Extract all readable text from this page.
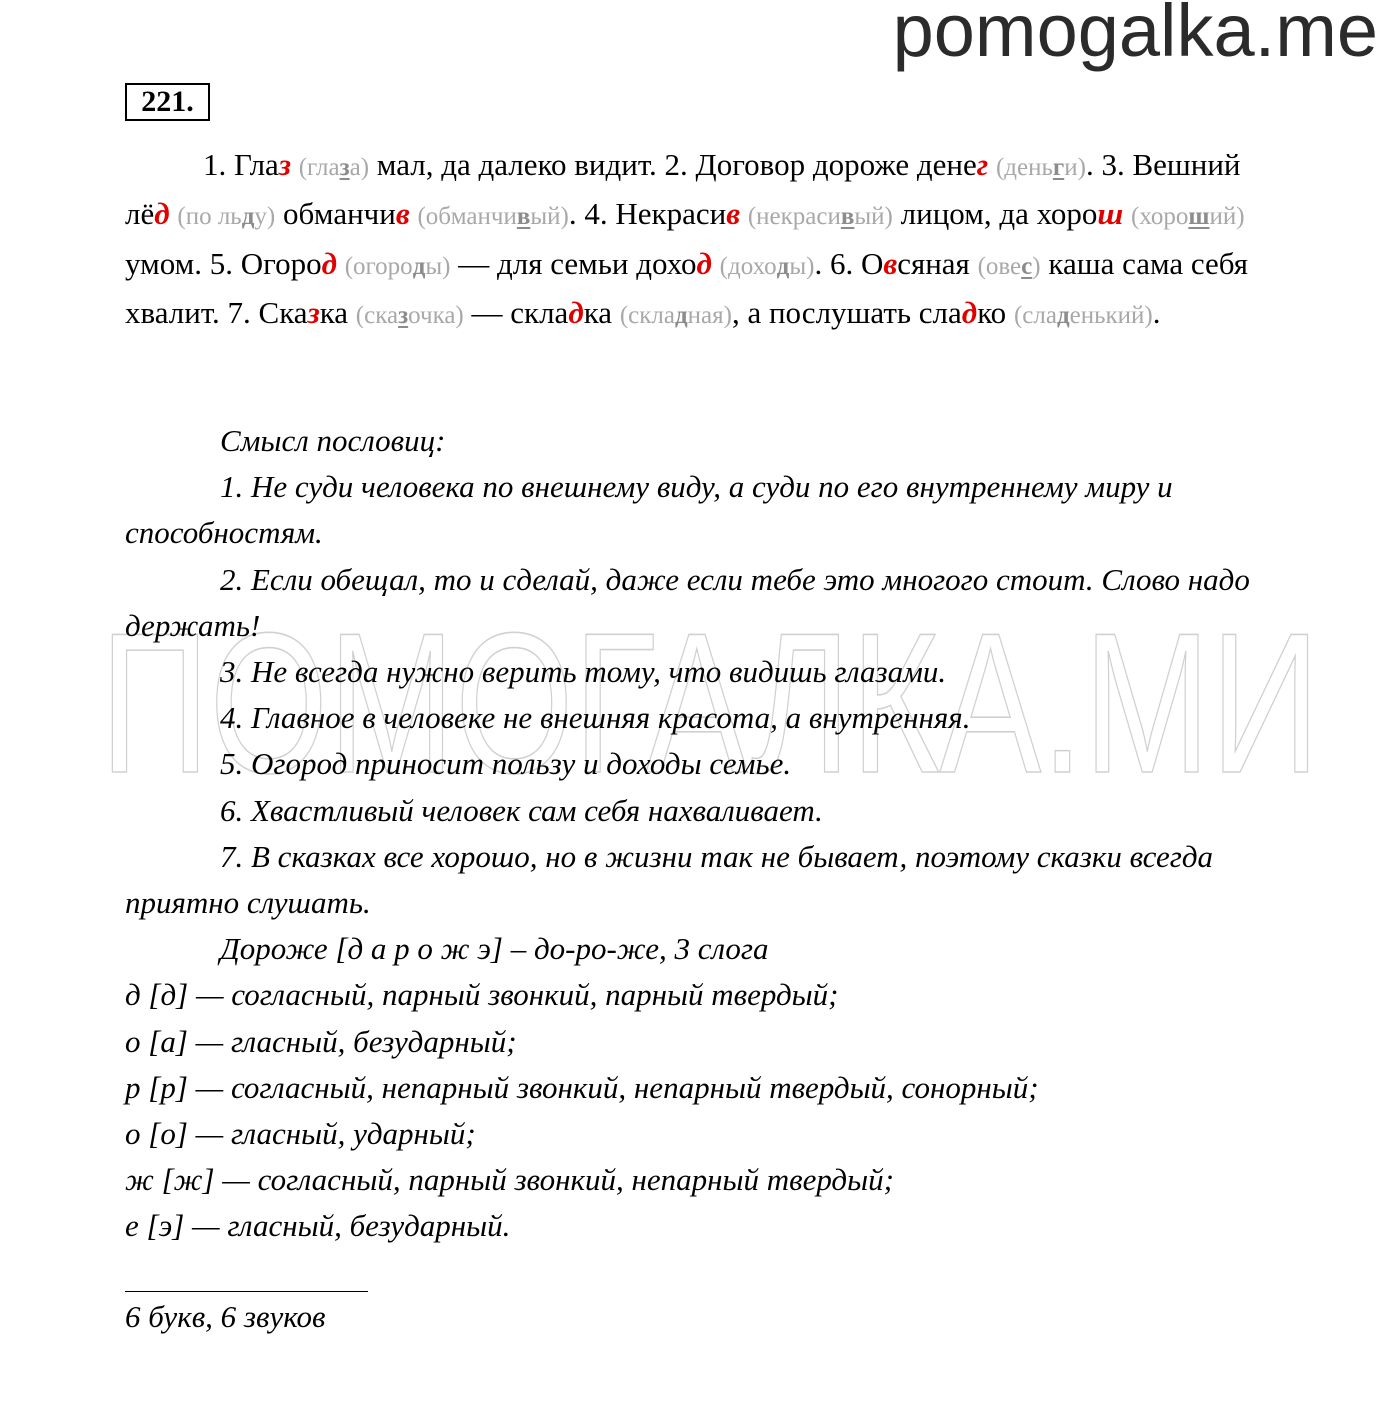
pomogalka.me
ПОМОГАЛКА.МИ
221.

1. Глаз (глаза) мал, да далеко видит. 2. Договор дороже денег (деньги). 3. Вешний лёд (по льду) обманчив (обманчивый). 4. Некрасив (некрасивый) лицом, да хорош (хороший) умом. 5. Огород (огороды) — для семьи доход (доходы). 6. Овсяная (овес) каша сама себя хвалит. 7. Сказка (сказочка) — складка (складная), а послушать сладко (сладенький).

Смысл пословиц:

1. Не суди человека по внешнему виду, а суди по его внутреннему миру и способностям.

2. Если обещал, то и сделай, даже если тебе это многого стоит. Слово надо держать!

3. Не всегда нужно верить тому, что видишь глазами.

4. Главное в человеке не внешняя красота, а внутренняя.

5. Огород приносит пользу и доходы семье.

6. Хвастливый человек сам себя нахваливает.

7. В сказках все хорошо, но в жизни так не бывает, поэтому сказки всегда приятно слушать.

Дороже [д а р о ж э] – до-ро-же, 3 слога

д [д] — согласный, парный звонкий, парный твердый;

о [а] — гласный, безударный;

р [р] — согласный, непарный звонкий, непарный твердый, сонорный;

о [о] — гласный, ударный;

ж [ж] — согласный, парный звонкий, непарный твердый;

е [э] — гласный, безударный.

6 букв, 6 звуков
